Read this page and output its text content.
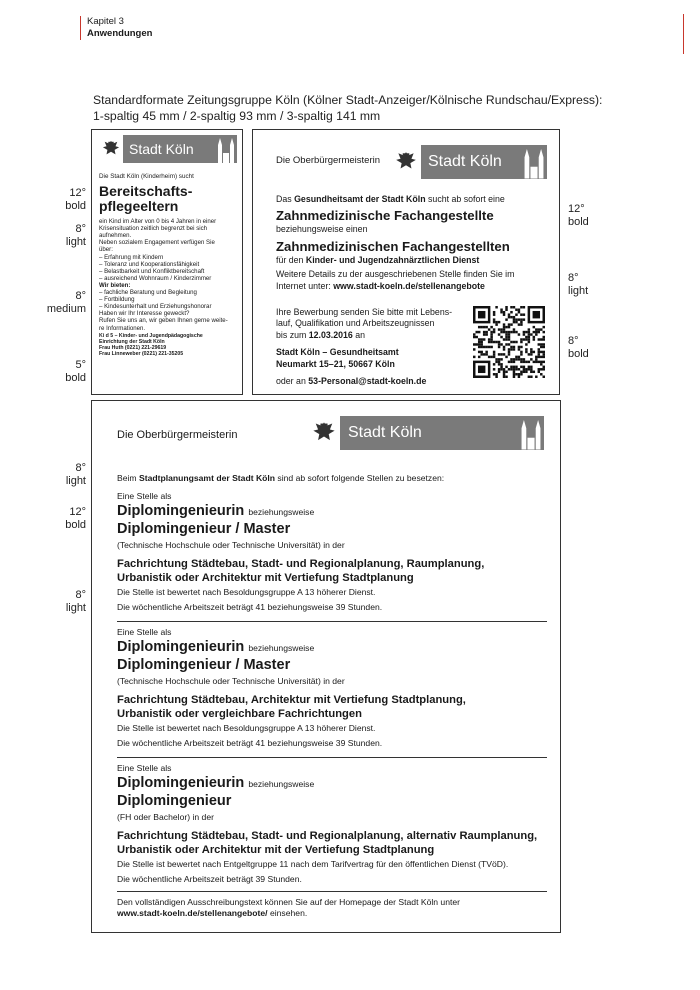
Kapitel 3
Anwendungen
Standardformate Zeitungsgruppe Köln (Kölner Stadt-Anzeiger/Kölnische Rundschau/Express):
1-spaltig 45 mm / 2-spaltig 93 mm / 3-spaltig 141 mm
12°
bold
8°
light
8°
medium
5°
bold
12°
bold
8°
light
8°
bold
8°
light
12°
bold
8°
light
Stadt Köln
Die Stadt Köln (Kinderheim) sucht
Bereitschafts-
pflegeeltern
ein Kind im Alter von 0 bis 4 Jahren in einer
Krisensituation zeitlich begrenzt bei sich
aufnehmen.
Neben sozialem Engagement verfügen Sie
über:
– Erfahrung mit Kindern
– Toleranz und Kooperationsfähigkeit
– Belastbarkeit und Konfliktbereitschaft
– ausreichend Wohnraum / Kinderzimmer
Wir bieten:
– fachliche Beratung und Begleitung
– Fortbildung
– Kindesunterhalt und Erziehungshonorar
Haben wir Ihr Interesse geweckt?
Rufen Sie uns an, wir geben Ihnen gerne weite-
re Informationen.
Ki d 5 – Kinder- und Jugendpädagogische
Einrichtung der Stadt Köln
Frau Huth (0221) 221-29619
Frau Linneweber (0221) 221-35205
Die Oberbürgermeisterin	Stadt Köln

Das Gesundheitsamt der Stadt Köln sucht ab sofort eine

Zahnmedizinische Fachangestellte

beziehungsweise einen

Zahnmedizinischen Fachangestellten

für den Kinder- und Jugendzahnärztlichen Dienst

Weitere Details zu der ausgeschriebenen Stelle finden Sie im

Internet unter: www.stadt-koeln.de/stellenangebote

Ihre Bewerbung senden Sie bitte mit Lebens-

lauf, Qualifikation und Arbeitszeugnissen

bis zum 12.03.2016 an

Stadt Köln – Gesundheitsamt

Neumarkt 15–21, 50667 Köln

oder an 53-Personal@stadt-koeln.de

Die Oberbürgermeisterin	Stadt Köln
Beim Stadtplanungsamt der Stadt Köln sind ab sofort folgende Stellen zu besetzen:
Eine Stelle als
Diplomingenieurin beziehungsweise
Diplomingenieur / Master
(Technische Hochschule oder Technische Universität) in der
Fachrichtung Städtebau, Stadt- und Regionalplanung, Raumplanung,
Urbanistik oder Architektur mit Vertiefung Stadtplanung
Die Stelle ist bewertet nach Besoldungsgruppe A 13 höherer Dienst.
Die wöchentliche Arbeitszeit beträgt 41 beziehungsweise 39 Stunden.
Eine Stelle als
Diplomingenieurin beziehungsweise
Diplomingenieur / Master
(Technische Hochschule oder Technische Universität) in der
Fachrichtung Städtebau, Architektur mit Vertiefung Stadtplanung,
Urbanistik oder vergleichbare Fachrichtungen
Die Stelle ist bewertet nach Besoldungsgruppe A 13 höherer Dienst.
Die wöchentliche Arbeitszeit beträgt 41 beziehungsweise 39 Stunden.
Eine Stelle als
Diplomingenieurin beziehungsweise
Diplomingenieur
(FH oder Bachelor) in der
Fachrichtung Städtebau, Stadt- und Regionalplanung, alternativ Raumplanung,
Urbanistik oder Architektur mit der Vertiefung Stadtplanung
Die Stelle ist bewertet nach Entgeltgruppe 11 nach dem Tarifvertrag für den öffentlichen Dienst (TVöD).
Die wöchentliche Arbeitszeit beträgt 39 Stunden.
Den vollständigen Ausschreibungstext können Sie auf der Homepage der Stadt Köln unter
www.stadt-koeln.de/stellenangebote/ einsehen.
